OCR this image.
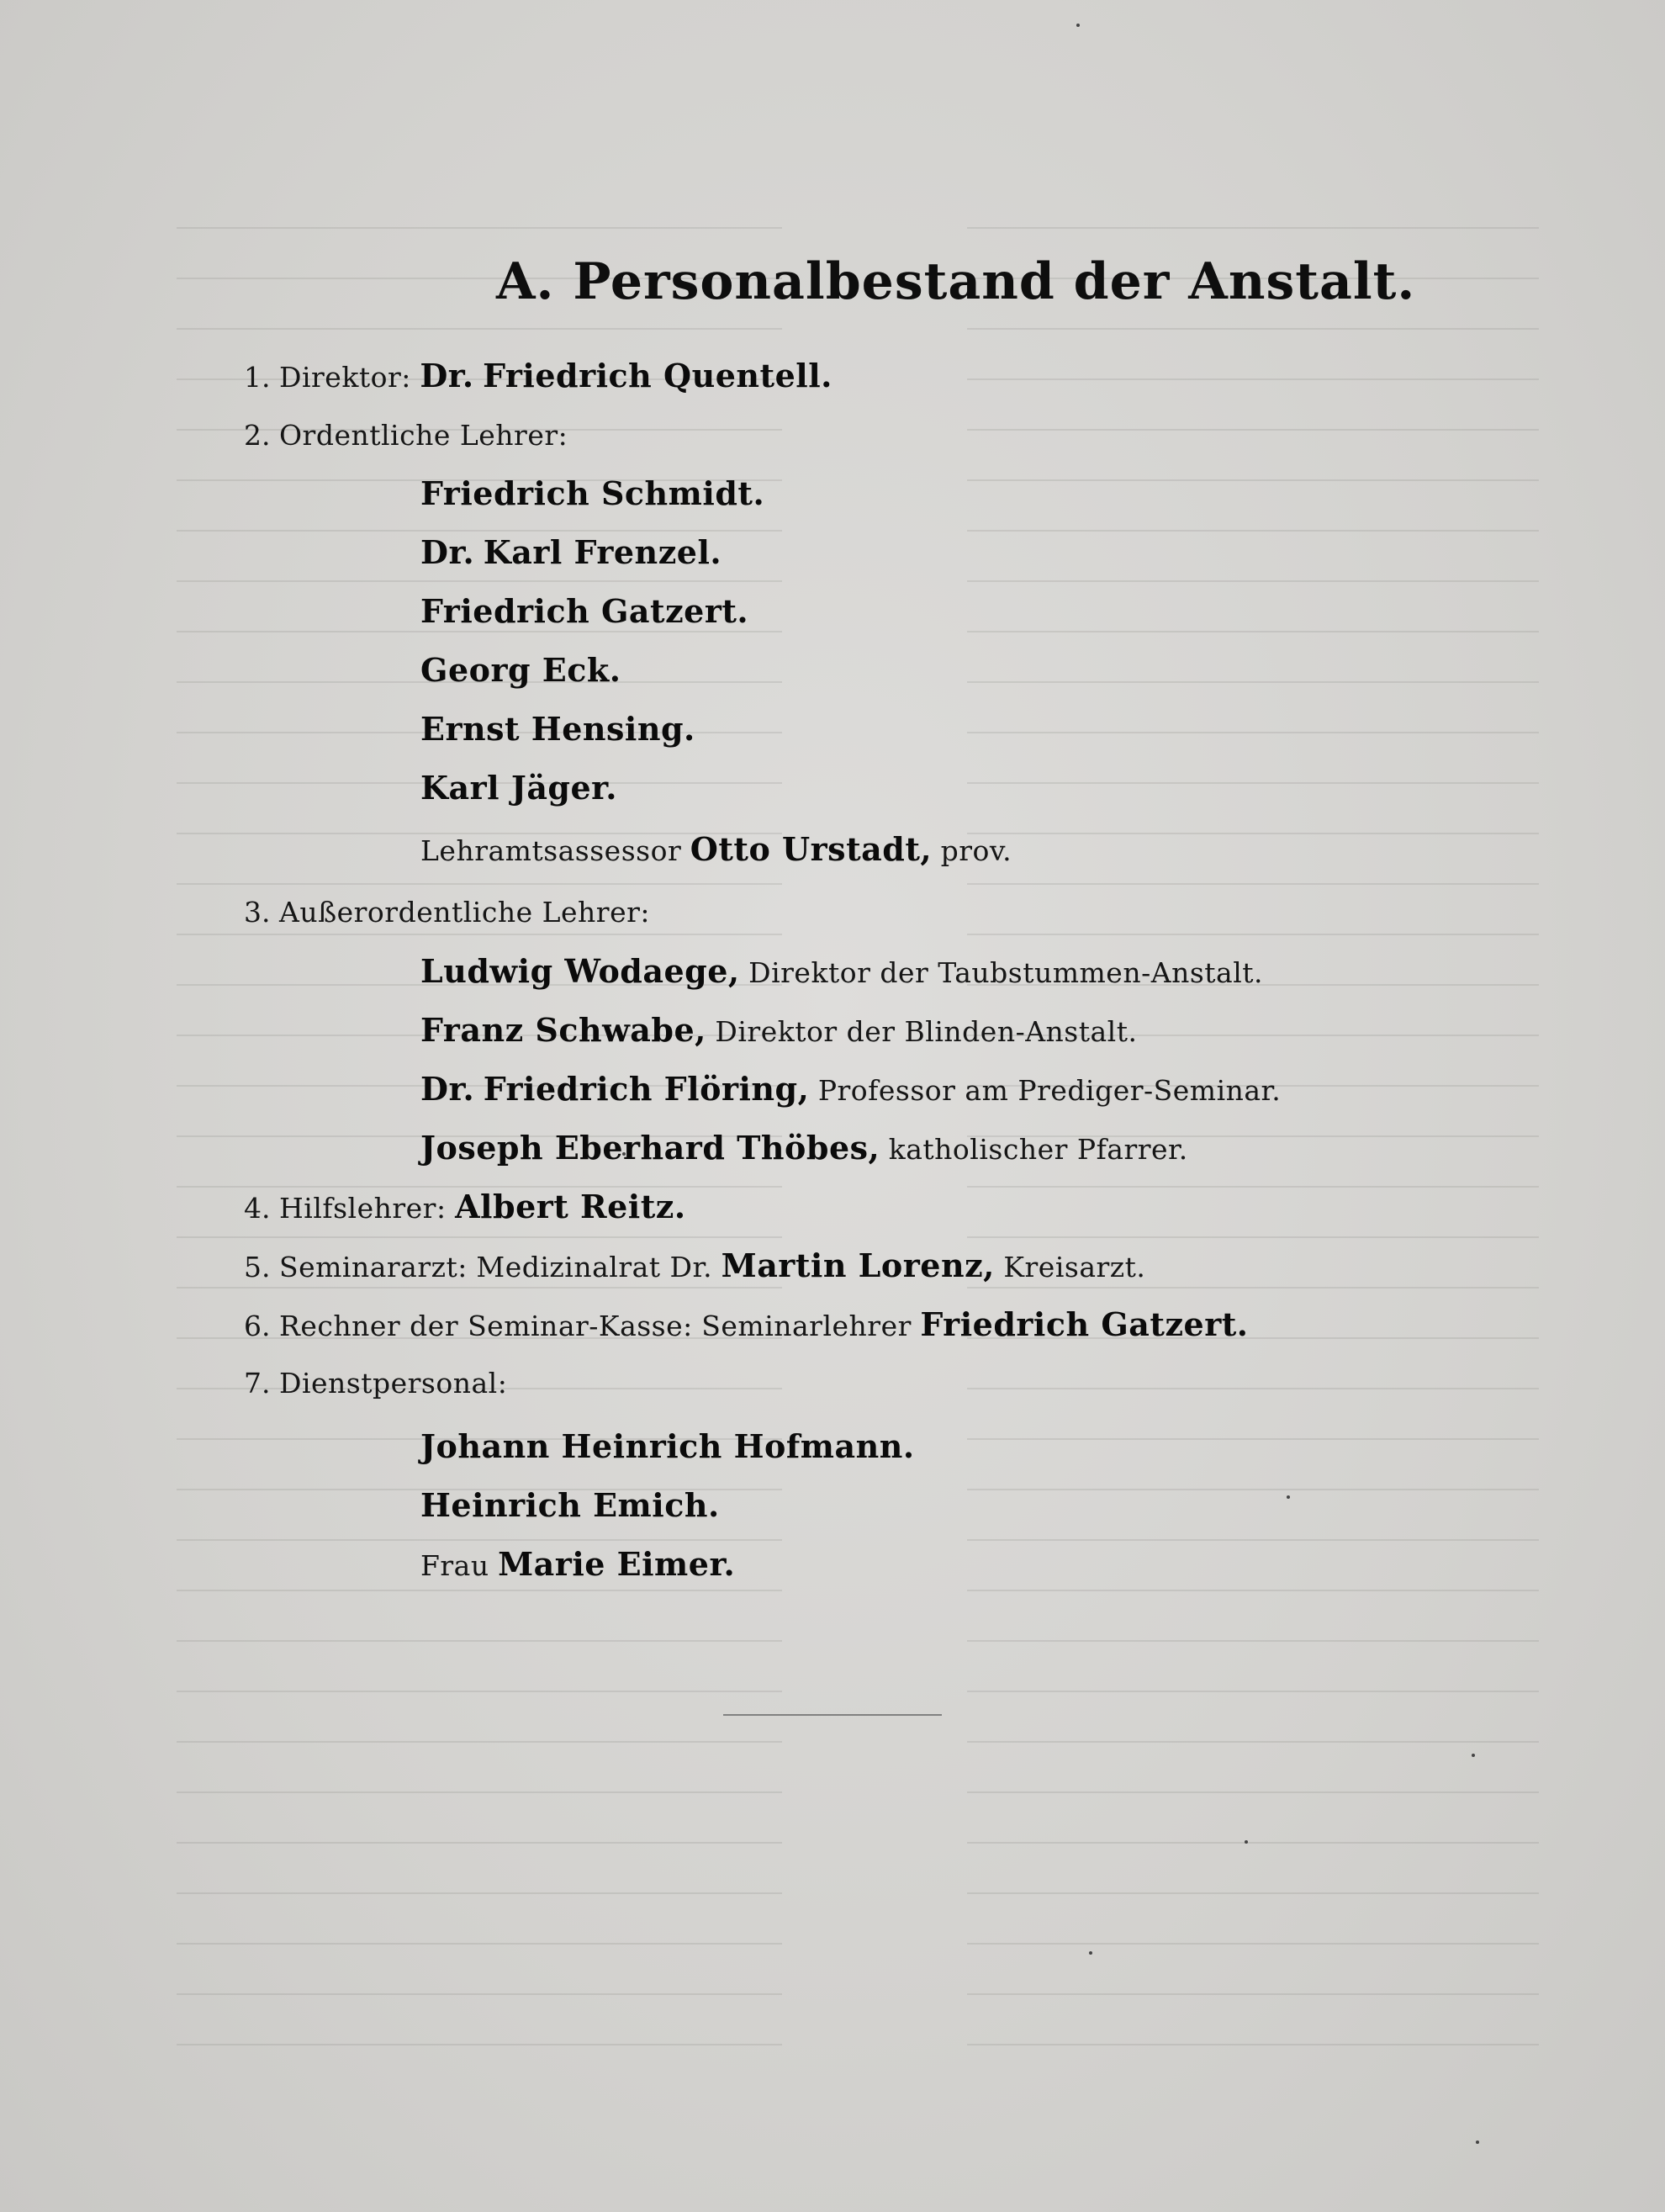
A. Personalbestand der Anstalt.
1. Direktor: Dr. Friedrich Quentell.
2. Ordentliche Lehrer:
Friedrich Schmidt.
Dr. Karl Frenzel.
Friedrich Gatzert.
Georg Eck.
Ernst Hensing.
Karl Jäger.
Lehramtsassessor Otto Urstadt, prov.
3. Außerordentliche Lehrer:
Ludwig Wodaege, Direktor der Taubstummen-Anstalt.
Franz Schwabe, Direktor der Blinden-Anstalt.
Dr. Friedrich Flöring, Professor am Prediger-Seminar.
Joseph Eberhard Thöbes, katholischer Pfarrer.
4. Hilfslehrer: Albert Reitz.
5. Seminararzt: Medizinalrat Dr. Martin Lorenz, Kreisarzt.
6. Rechner der Seminar-Kasse: Seminarlehrer Friedrich Gatzert.
7. Dienstpersonal:
Johann Heinrich Hofmann.
Heinrich Emich.
Frau Marie Eimer.
